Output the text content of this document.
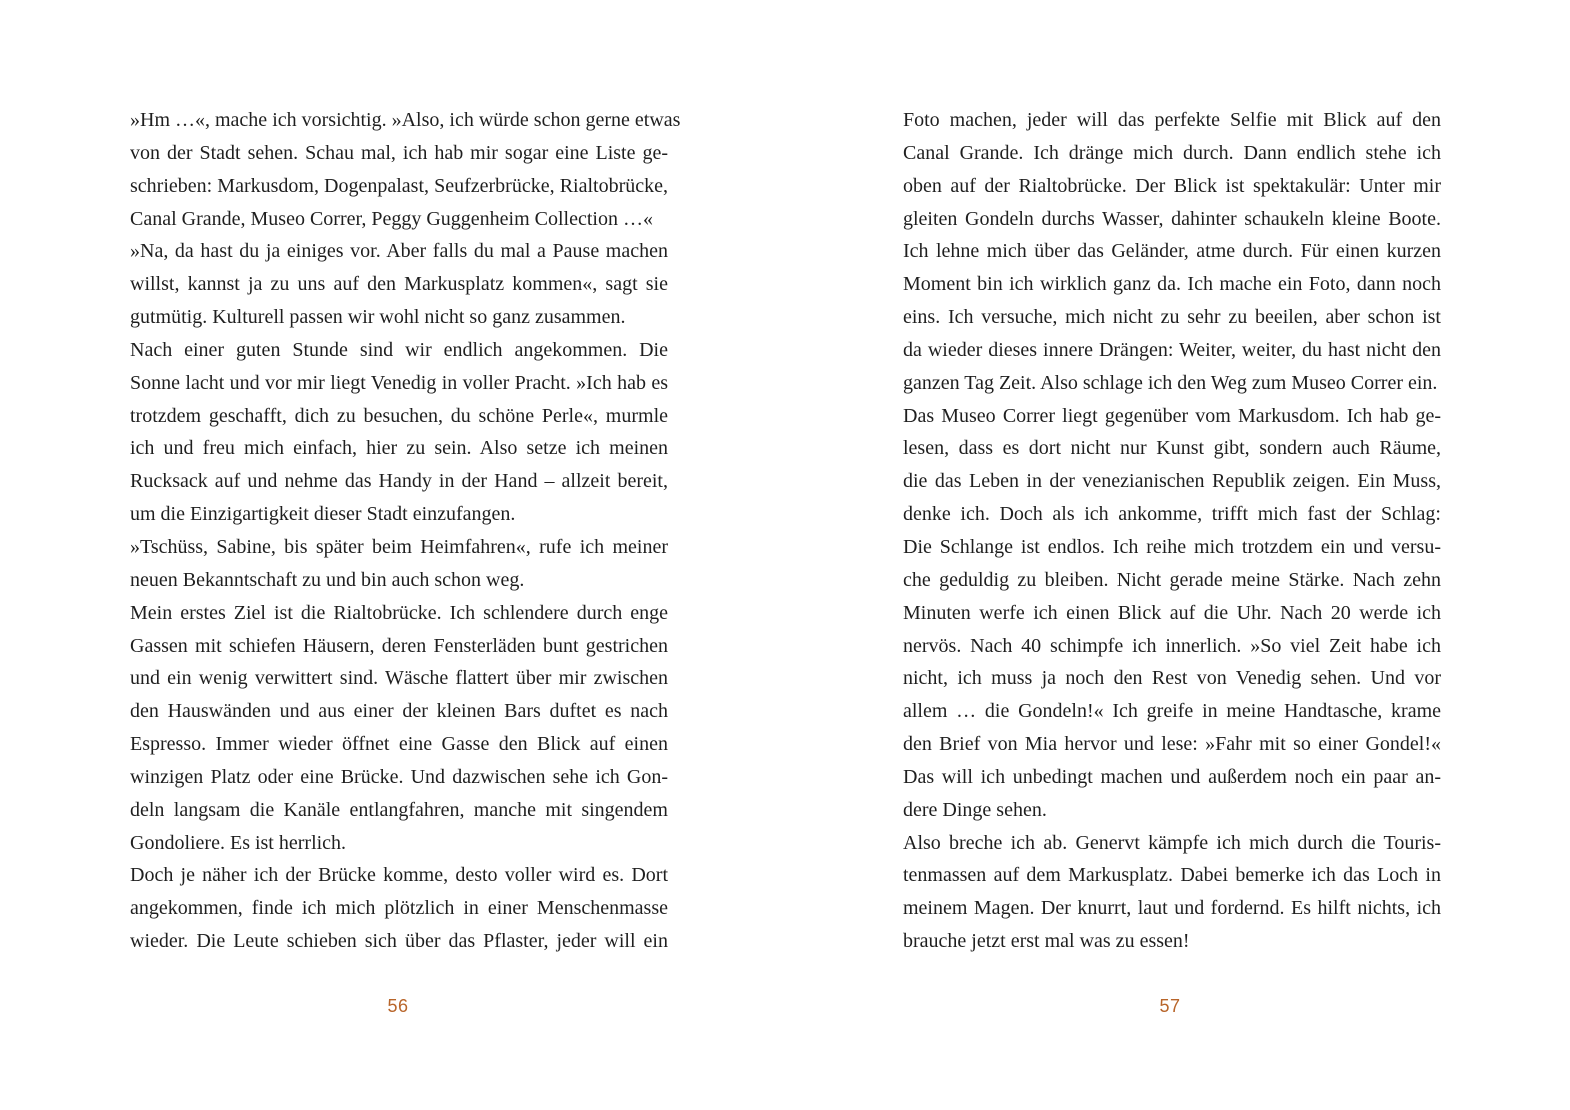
»Hm …«, mache ich vorsichtig. »Also, ich würde schon gerne etwas
von der Stadt sehen. Schau mal, ich hab mir sogar eine Liste ge-
schrieben: Markusdom, Dogenpalast, Seufzerbrücke, Rialtobrücke,
Canal Grande, Museo Correr, Peggy Guggenheim Collection …«
»Na, da hast du ja einiges vor. Aber falls du mal a Pause machen
willst, kannst ja zu uns auf den Markusplatz kommen«, sagt sie
gutmütig. Kulturell passen wir wohl nicht so ganz zusammen.
Nach einer guten Stunde sind wir endlich angekommen. Die
Sonne lacht und vor mir liegt Venedig in voller Pracht. »Ich hab es
trotzdem geschafft, dich zu besuchen, du schöne Perle«, murmle
ich und freu mich einfach, hier zu sein. Also setze ich meinen
Rucksack auf und nehme das Handy in der Hand – allzeit bereit,
um die Einzigartigkeit dieser Stadt einzufangen.
»Tschüss, Sabine, bis später beim Heimfahren«, rufe ich meiner
neuen Bekanntschaft zu und bin auch schon weg.
Mein erstes Ziel ist die Rialtobrücke. Ich schlendere durch enge
Gassen mit schiefen Häusern, deren Fensterläden bunt gestrichen
und ein wenig verwittert sind. Wäsche flattert über mir zwischen
den Hauswänden und aus einer der kleinen Bars duftet es nach
Espresso. Immer wieder öffnet eine Gasse den Blick auf einen
winzigen Platz oder eine Brücke. Und dazwischen sehe ich Gon-
deln langsam die Kanäle entlangfahren, manche mit singendem
Gondoliere. Es ist herrlich.
Doch je näher ich der Brücke komme, desto voller wird es. Dort
angekommen, finde ich mich plötzlich in einer Menschenmasse
wieder. Die Leute schieben sich über das Pflaster, jeder will ein
Foto machen, jeder will das perfekte Selfie mit Blick auf den
Canal Grande. Ich dränge mich durch. Dann endlich stehe ich
oben auf der Rialtobrücke. Der Blick ist spektakulär: Unter mir
gleiten Gondeln durchs Wasser, dahinter schaukeln kleine Boote.
Ich lehne mich über das Geländer, atme durch. Für einen kurzen
Moment bin ich wirklich ganz da. Ich mache ein Foto, dann noch
eins. Ich versuche, mich nicht zu sehr zu beeilen, aber schon ist
da wieder dieses innere Drängen: Weiter, weiter, du hast nicht den
ganzen Tag Zeit. Also schlage ich den Weg zum Museo Correr ein.
Das Museo Correr liegt gegenüber vom Markusdom. Ich hab ge-
lesen, dass es dort nicht nur Kunst gibt, sondern auch Räume,
die das Leben in der venezianischen Republik zeigen. Ein Muss,
denke ich. Doch als ich ankomme, trifft mich fast der Schlag:
Die Schlange ist endlos. Ich reihe mich trotzdem ein und versu-
che geduldig zu bleiben. Nicht gerade meine Stärke. Nach zehn
Minuten werfe ich einen Blick auf die Uhr. Nach 20 werde ich
nervös. Nach 40 schimpfe ich innerlich. »So viel Zeit habe ich
nicht, ich muss ja noch den Rest von Venedig sehen. Und vor
allem … die Gondeln!« Ich greife in meine Handtasche, krame
den Brief von Mia hervor und lese: »Fahr mit so einer Gondel!«
Das will ich unbedingt machen und außerdem noch ein paar an-
dere Dinge sehen.
Also breche ich ab. Genervt kämpfe ich mich durch die Touris-
tenmassen auf dem Markusplatz. Dabei bemerke ich das Loch in
meinem Magen. Der knurrt, laut und fordernd. Es hilft nichts, ich
brauche jetzt erst mal was zu essen!
56	57
